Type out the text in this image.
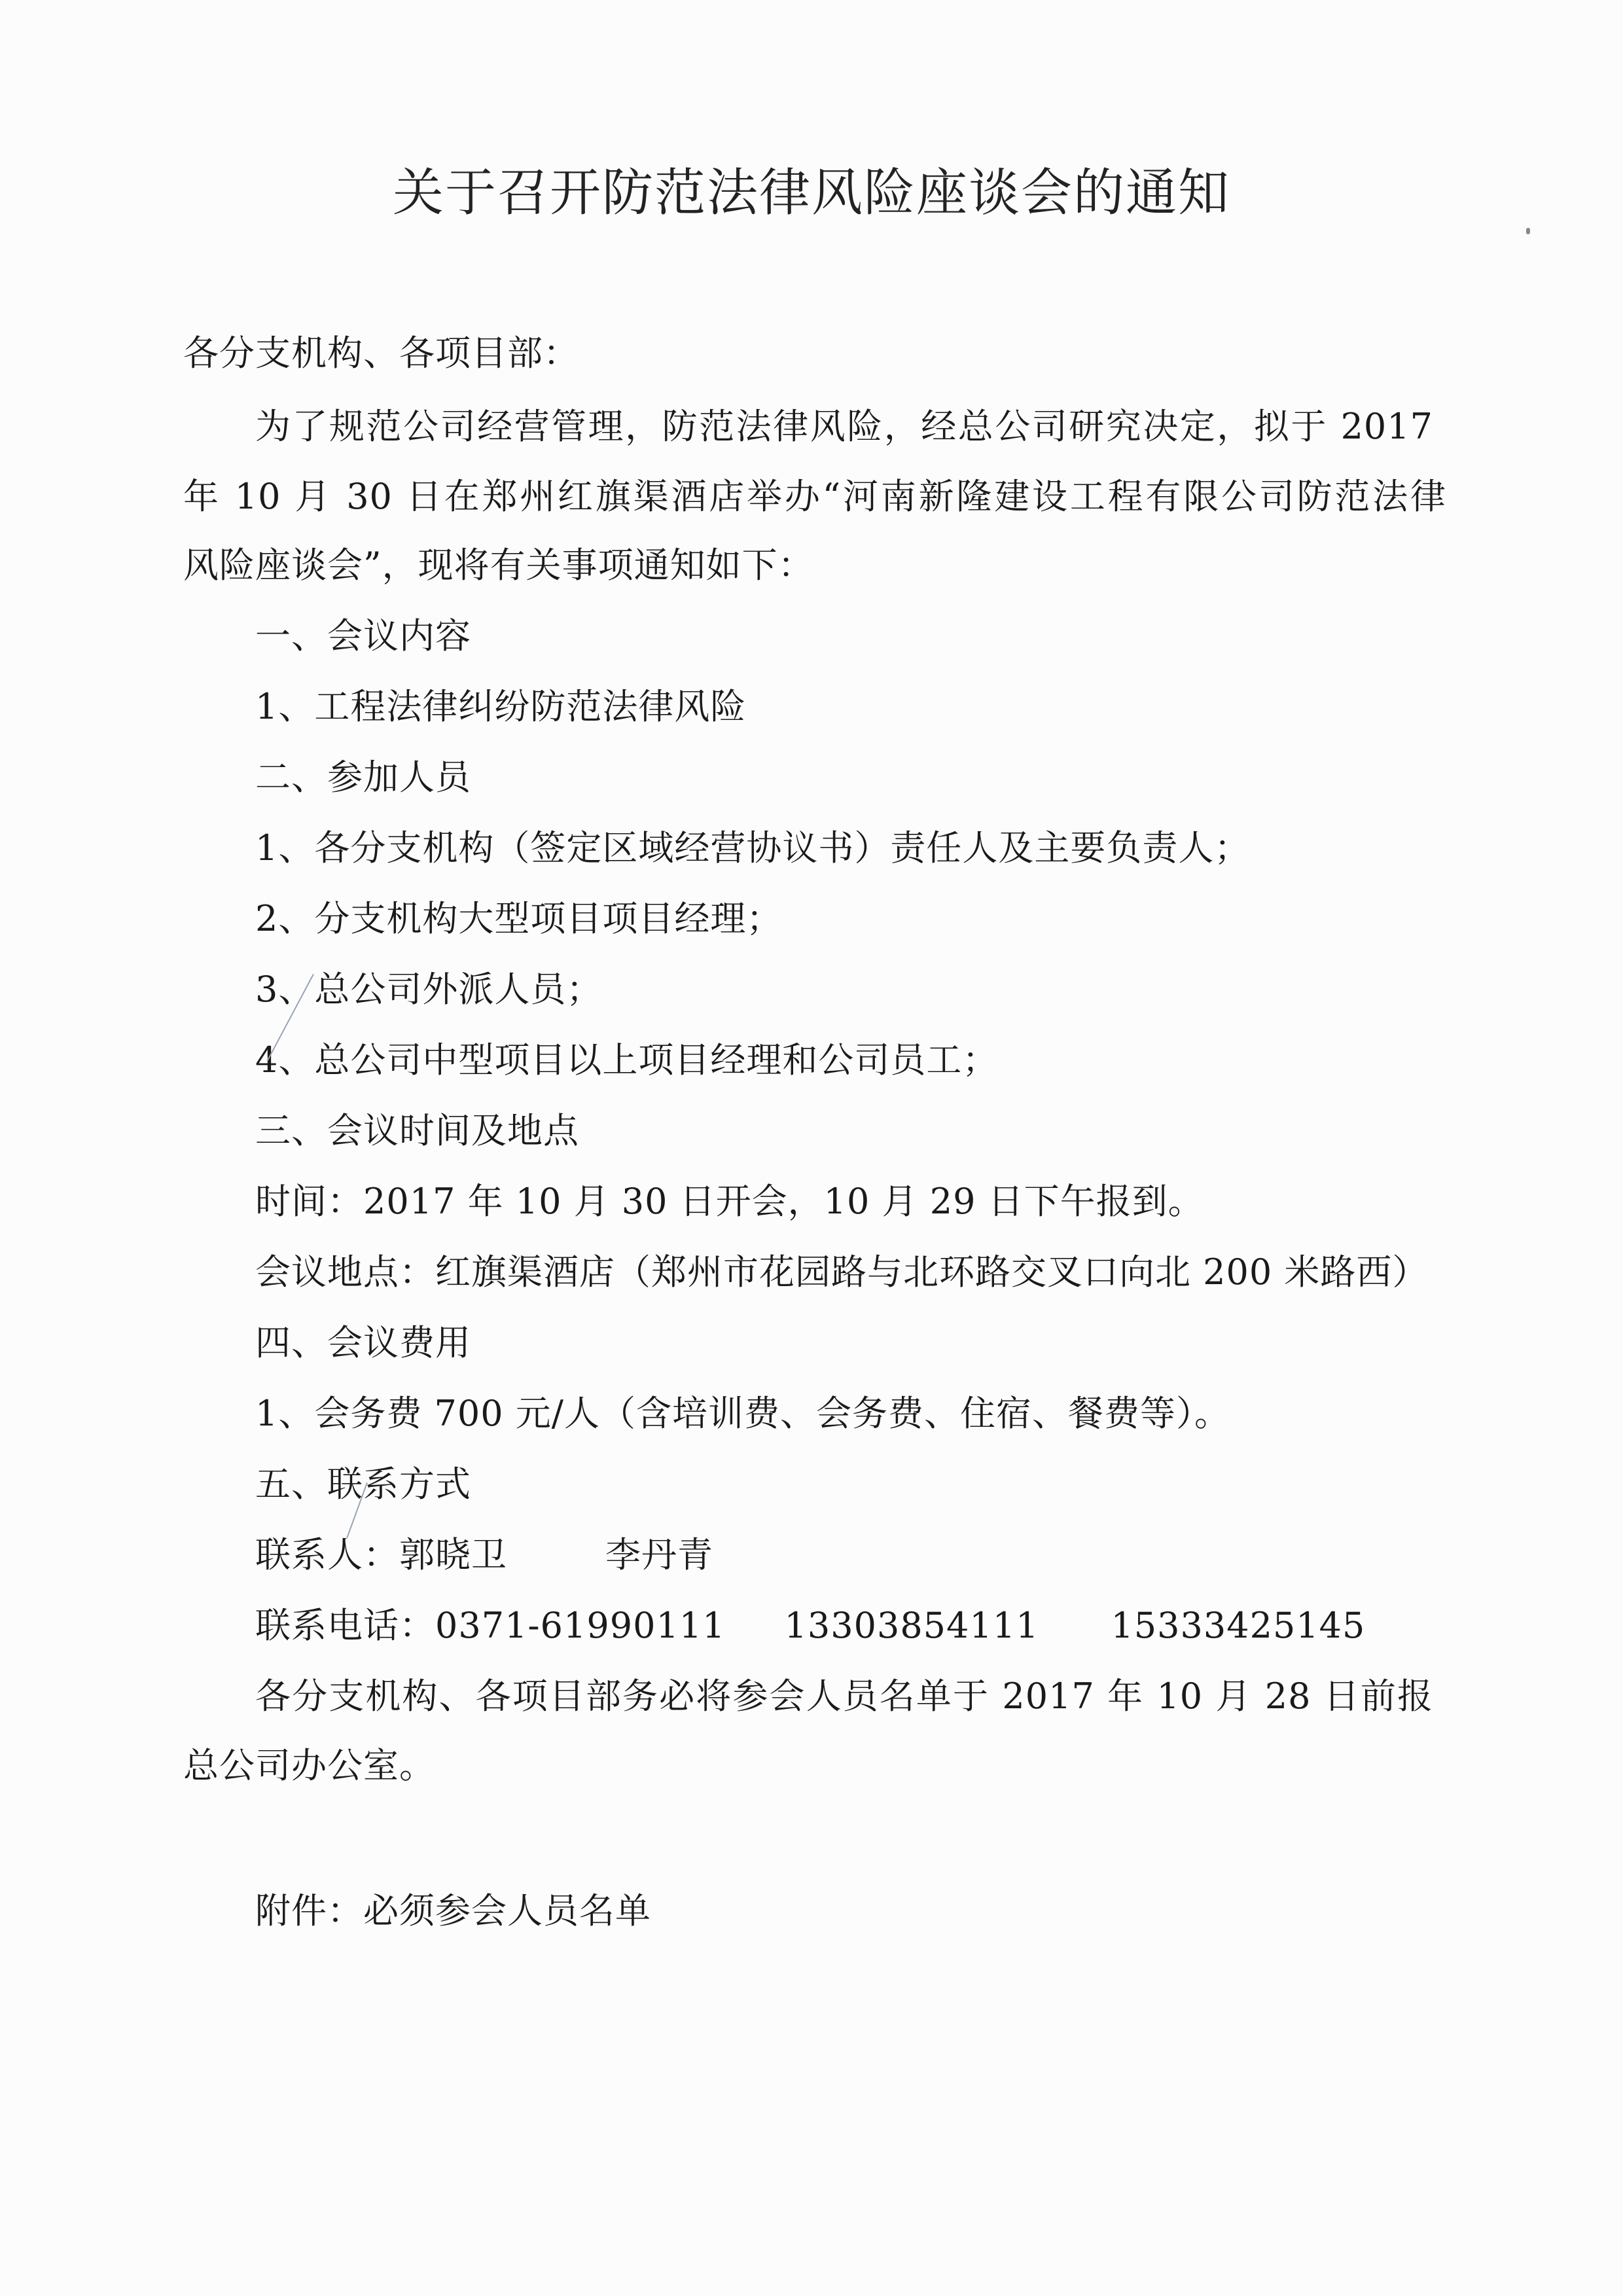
关于召开防范法律风险座谈会的通知
各分支机构、各项目部：
为了规范公司经营管理，防范法律风险，经总公司研究决定，拟于 2017
年 10 月 30 日在郑州红旗渠酒店举办“河南新隆建设工程有限公司防范法律
风险座谈会”，现将有关事项通知如下：
一、会议内容
1、工程法律纠纷防范法律风险
二、参加人员
1、各分支机构（签定区域经营协议书）责任人及主要负责人；
2、分支机构大型项目项目经理；
3、总公司外派人员；
4、总公司中型项目以上项目经理和公司员工；
三、会议时间及地点
时间：2017 年 10 月 30 日开会，10 月 29 日下午报到。
会议地点：红旗渠酒店（郑州市花园路与北环路交叉口向北 200 米路西）
四、会议费用
1、会务费 700 元/人（含培训费、会务费、住宿、餐费等）。
五、联系方式
联系人：郭晓卫	李丹青
联系电话：0371-61990111 13303854111 15333425145
各分支机构、各项目部务必将参会人员名单于 2017 年 10 月 28 日前报
总公司办公室。
附件：必须参会人员名单
